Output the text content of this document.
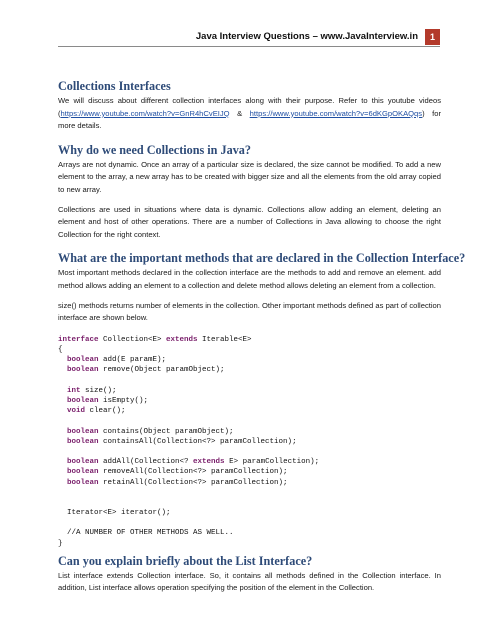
Java Interview Questions – www.JavaInterview.in	1
Collections Interfaces

We will discuss about different collection interfaces along with their purpose. Refer to this youtube videos (https://www.youtube.com/watch?v=GnR4hCvEIJQ & https://www.youtube.com/watch?v=6dKGpOKAQqs) for more details.

Why do we need Collections in Java?

Arrays are not dynamic. Once an array of a particular size is declared, the size cannot be modified. To add a new element to the array, a new array has to be created with bigger size and all the elements from the old array copied to new array.

Collections are used in situations where data is dynamic. Collections allow adding an element, deleting an element and host of other operations. There are a number of Collections in Java allowing to choose the right Collection for the right context.

What are the important methods that are declared in the Collection Interface?

Most important methods declared in the collection interface are the methods to add and remove an element. add method allows adding an element to a collection and delete method allows deleting an element from a collection.

size() methods returns number of elements in the collection. Other important methods defined as part of collection interface are shown below.

interface Collection<E> extends Iterable<E>
{
boolean add(E paramE);
boolean remove(Object paramObject);
int size();
boolean isEmpty();
void clear();
boolean contains(Object paramObject);
boolean containsAll(Collection<?> paramCollection);
boolean addAll(Collection<? extends E> paramCollection);
boolean removeAll(Collection<?> paramCollection);
boolean retainAll(Collection<?> paramCollection);
Iterator<E> iterator();
//A NUMBER OF OTHER METHODS AS WELL..
}
Can you explain briefly about the List Interface?

List interface extends Collection interface. So, it contains all methods defined in the Collection interface. In addition, List interface allows operation specifying the position of the element in the Collection.
